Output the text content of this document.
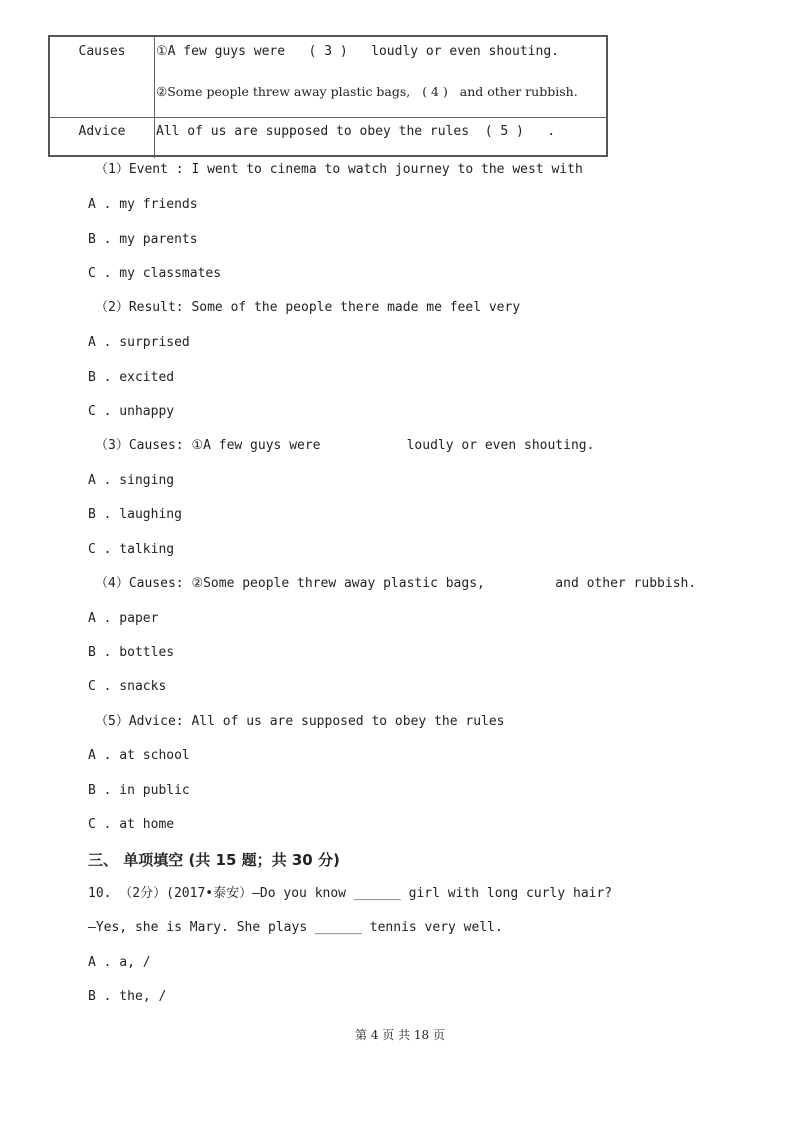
Causes	①A few guys were   ( 3 )   loudly or even shouting.
②Some people threw away plastic bags,   ( 4 )   and other rubbish.
Advice	All of us are supposed to obey the rules  ( 5 )   .
（1）Event : I went to cinema to watch journey to the west with
A . my friends
B . my parents
C . my classmates
（2）Result: Some of the people there made me feel very
A . surprised
B . excited
C . unhappy
（3）Causes: ①A few guys were           loudly or even shouting.
A . singing
B . laughing
C . talking
（4）Causes: ②Some people threw away plastic bags,         and other rubbish.
A . paper
B . bottles
C . snacks
（5）Advice: All of us are supposed to obey the rules
A . at school
B . in public
C . at home
三、 单项填空 (共 15 题；共 30 分)
10. （2分）(2017•泰安）—Do you know ______ girl with long curly hair?
—Yes, she is Mary. She plays ______ tennis very well.
A . a, /
B . the, /
第 4 页 共 18 页
